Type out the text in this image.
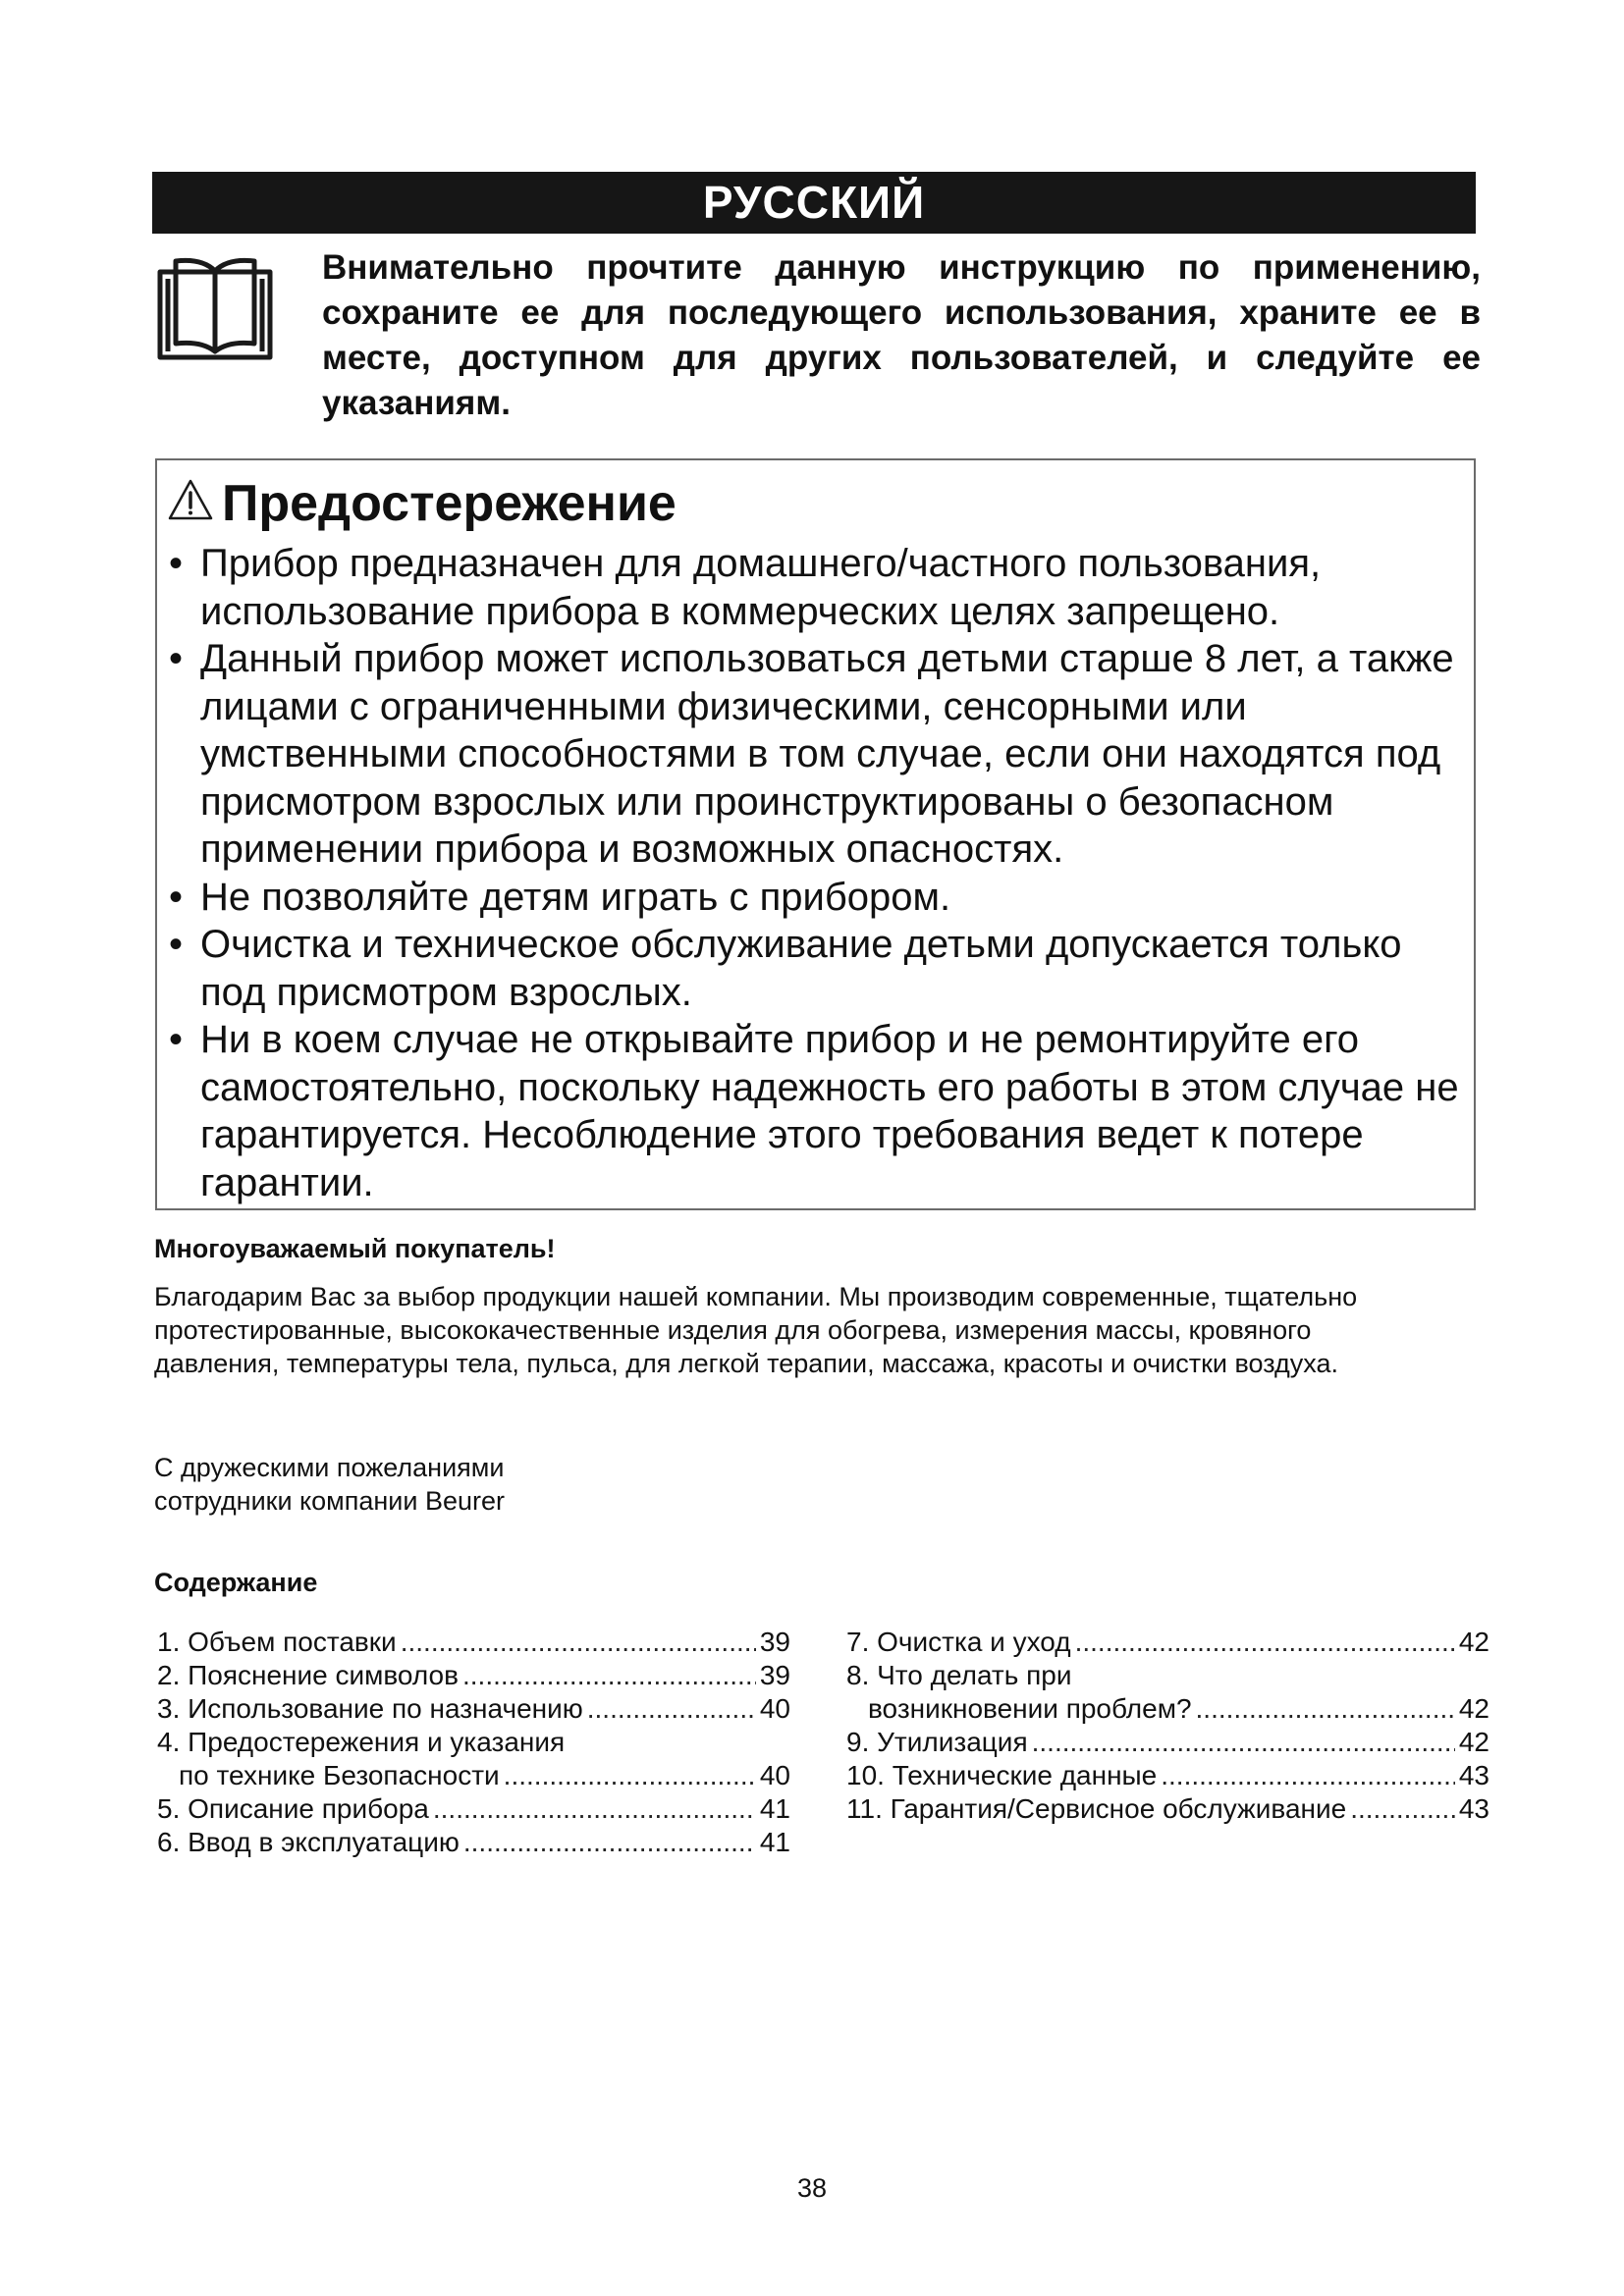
РУССКИЙ
Внимательно прочтите данную инструкцию по применению, сохраните ее для последующего использования, храните ее в месте, доступном для других пользователей, и следуйте ее указаниям.
Предостережение
• Прибор предназначен для домашнего/частного пользования, использование прибора в коммерческих целях запрещено.
• Данный прибор может использоваться детьми старше 8 лет, а также лицами с ограниченными физическими, сенсорными или умственными способностями в том случае, если они находятся под присмотром взрослых или проинструктированы о безопасном применении прибора и возможных опасностях.
• Не позволяйте детям играть с прибором.
• Очистка и техническое обслуживание детьми допускается только под присмотром взрослых.
• Ни в коем случае не открывайте прибор и не ремонтируйте его самостоятельно, поскольку надежность его работы в этом случае не гарантируется. Несоблюдение этого требования ведет к потере гарантии.
Многоуважаемый покупатель!
Благодарим Вас за выбор продукции нашей компании. Мы производим современные, тщательно протестированные, высококачественные изделия для обогрева, измерения массы, кровяного давления, температуры тела, пульса, для легкой терапии, массажа, красоты и очистки воздуха.
С дружескими пожеланиями
сотрудники компании Beurer
Содержание
1. Объем поставки .....	39
2. Пояснение символов .....	39
3. Использование по назначению .....	40
4. Предостережения и указания
по технике Безопасности .....	40
5. Описание прибора .....	41
6. Ввод в эксплуатацию .....	41
7. Очистка и уход .....	42
8. Что делать при
возникновении проблем? .....	42
9. Утилизация .....	42
10. Технические данные .....	43
11. Гарантия/Сервисное обслуживание .....	43
38
